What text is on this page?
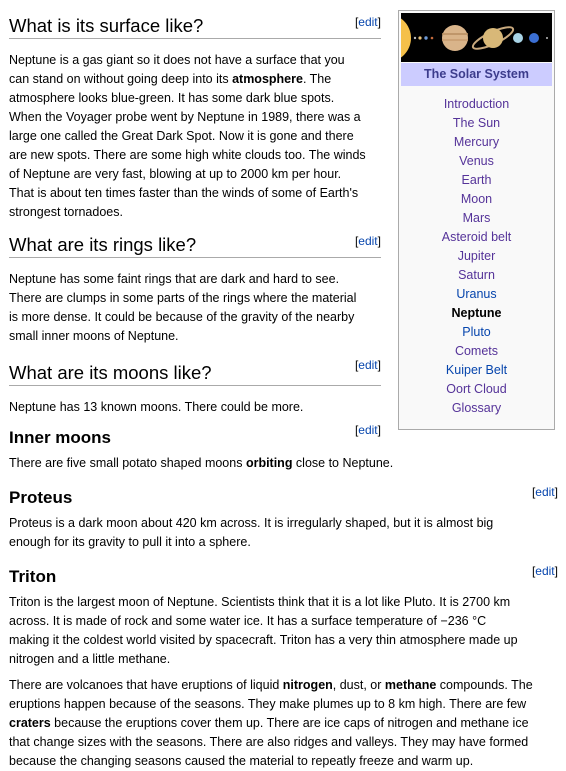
What is its surface like?	[edit]

Neptune is a gas giant so it does not have a surface that you

can stand on without going deep into its atmosphere. The

atmosphere looks blue-green. It has some dark blue spots.

When the Voyager probe went by Neptune in 1989, there was a

large one called the Great Dark Spot. Now it is gone and there

are new spots. There are some high white clouds too. The winds

of Neptune are very fast, blowing at up to 2000 km per hour.

That is about ten times faster than the winds of some of Earth's

strongest tornadoes.

What are its rings like?	[edit]

Neptune has some faint rings that are dark and hard to see.

There are clumps in some parts of the rings where the material

is more dense. It could be because of the gravity of the nearby

small inner moons of Neptune.

What are its moons like?	[edit]

Neptune has 13 known moons. There could be more.

Inner moons	[edit]

There are five small potato shaped moons orbiting close to Neptune.

Proteus	[edit]

Proteus is a dark moon about 420 km across. It is irregularly shaped, but it is almost big

enough for its gravity to pull it into a sphere.

Triton	[edit]

Triton is the largest moon of Neptune. Scientists think that it is a lot like Pluto. It is 2700 km

across. It is made of rock and some water ice. It has a surface temperature of −236 °C

making it the coldest world visited by spacecraft. Triton has a very thin atmosphere made up

nitrogen and a little methane.

There are volcanoes that have eruptions of liquid nitrogen, dust, or methane compounds. The

eruptions happen because of the seasons. They make plumes up to 8 km high. There are few

craters because the eruptions cover them up. There are ice caps of nitrogen and methane ice

that change sizes with the seasons. There are also ridges and valleys. They may have formed

because the changing seasons caused the material to repeatly freeze and warm up.

The Solar System
Introduction
The Sun
Mercury
Venus
Earth
Moon
Mars
Asteroid belt
Jupiter
Saturn
Uranus
Neptune
Pluto
Comets
Kuiper Belt
Oort Cloud
Glossary
